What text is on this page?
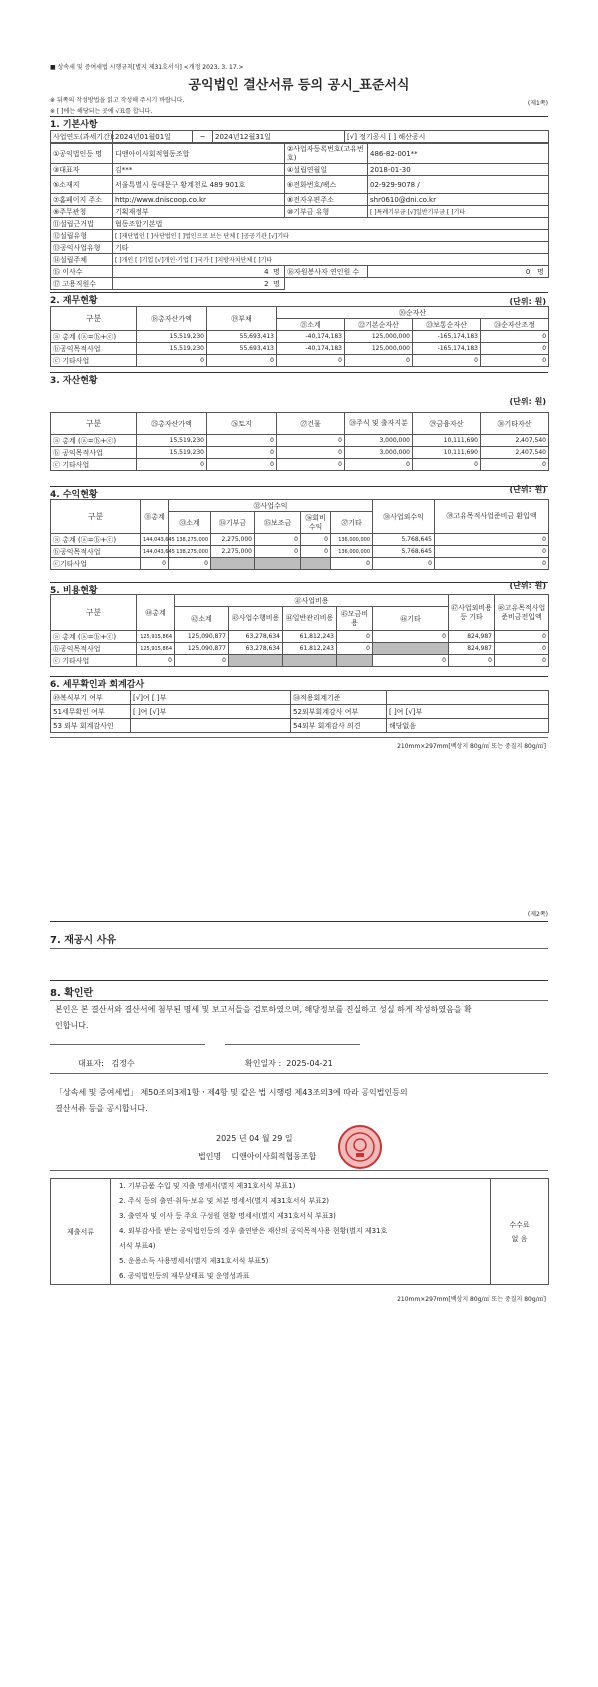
■ 상속세 및 증여세법 시행규칙[별지 제31호서식] <개정 2023. 3. 17.>
공익법인 결산서류 등의 공시_표준서식
※ 뒤쪽의 작성방법을 읽고 작성해 주시기 바랍니다.	(제1쪽)
※ [ ]에는 해당되는 곳에 √표를 합니다.
1. 기본사항
사업연도(과세기간):	2024년01월01일	~	2024년12월31일	[√] 정기공시 [ ] 해산공시
①공익법인등 명	디앤아이사회적협동조합	②사업자등록번호(고유번호)	486-82-001**
③대표자	김***	④설립연월일	2018-01-30
⑤소재지	서울특별시 동대문구 황계천로 489 901호	⑥전화번호/팩스	02-929-9078 /
⑦홈페이지 주소	http://www.dniscoop.co.kr	⑧전자우편주소	shr0610@dni.co.kr
⑨주무관청	기획재정부	⑩기부금 유형	[ ]특례기부금 [√]일반기부금 [ ]기타
⑪설립근거법	협동조합기본법		
⑫설립유형	[ ]재단법인 [ ]사단법인 [ ]법인으로 보는 단체 [ ]공공기관 [√]기타		
⑬공익사업유형	기타		
⑭설립주체	[ ]개인 [ ]기업 [√]개인·기업 [ ]국가 [ ]지방자치단체 [ ]기타		
⑮ 이사수	4 명	⑯자원봉사자 연인원 수	0 명
⑰ 고용직원수	2 명		
2. 재무현황	(단위: 원)
구분	⑱총자산가액	⑲부채	⑳순자산			
			㉑소계	㉒기본순자산	㉓보통순자산	㉔순자산조정
ⓐ 총계 (ⓐ=ⓑ+ⓒ)	15,519,230	55,693,413	-40,174,183	125,000,000	-165,174,183	0
ⓑ공익목적사업	15,519,230	55,693,413	-40,174,183	125,000,000	-165,174,183	0
ⓒ 기타사업	0	0	0	0	0	0
3. 자산현황
(단위: 원)
구분	㉕총자산가액	㉖토지	㉗건물	㉘주식 및 출자지분	㉙금융자산	㉚기타자산
ⓐ 총계 (ⓐ=ⓑ+ⓒ)	15,519,230	0	0	3,000,000	10,111,690	2,407,540
ⓑ 공익목적사업	15,519,230	0	0	3,000,000	10,111,690	2,407,540
ⓒ 기타사업	0	0	0	0	0	0
4. 수익현황
(단위: 원)
구분	㉛총계	㉜사업수익					㊳사업외수익	㊴고유목적사업준비금 환입액
		㉝소계	㉞기부금	㉟보조금	㊱회비수익	㊲기타		
ⓐ 총계 (ⓐ=ⓑ+ⓒ)	144,043,645	138,275,000	2,275,000	0	0	136,000,000	5,768,645	0
ⓑ공익목적사업	144,043,645	138,275,000	2,275,000	0	0	136,000,000	5,768,645	0
ⓒ기타사업	0	0				0	0	0
5. 비용현황
(단위: 원)
구분	㊵총계	㊶사업비용					㊼사업외비용 등 기타	㊽고유목적사업준비금전입액
		㊷소계	㊸사업수행비용	㊹일반관리비용	㊺모금비용	㊻기타		
ⓐ 총계 (ⓐ=ⓑ+ⓒ)	125,915,864	125,090,877	63,278,634	61,812,243	0	0	824,987	0
ⓑ공익목적사업	125,915,864	125,090,877	63,278,634	61,812,243	0		824,987	0
ⓒ 기타사업	0	0				0	0	0
6. 세무확인과 회계감사
㊾복식부기 여부	[√]여 [ ]부	㊿적용회계기준	
51세무확인 여부	[ ]여 [√]부	52외부회계감사 여부	[ ]여 [√]부
53 외부 회계감사인		54외부 회계감사 의견	해당없음
210mm×297mm[백상지 80g/㎡ 또는 중질지 80g/㎡]
(제2쪽)
7. 재공시 사유
8. 확인란
본인은 본 결산서와 결산서에 첨부된 명세 및 보고서들을 검토하였으며, 해당정보를 진실하고 성실 하게 작성하였음을 확
인합니다.
대표자: 김정수	확인일자 : 2025-04-21
「상속세 및 증여세법」 제50조의3제1항ㆍ제4항 및 같은 법 시행령 제43조의3에 따라 공익법인등의
결산서류 등을 공시합니다.
2025 년 04 월 29 일
법인명 디앤아이사회적협동조합
제출서류	
1. 기부금품 수입 및 지출 명세서(별지 제31호서식 부표1)
2. 주식 등의 출연·취득·보유 및 처분 명세서(별지 제31호서식 부표2)
3. 출연자 및 이사 등 주요 구성원 현황 명세서(별지 제31호서식 부표3)
4. 외부감사를 받는 공익법인등의 경우 출연받은 재산의 공익목적사용 현황(별지 제31호
서식 부표4)
5. 운용소득 사용명세서(별지 제31호서식 부표5)
6. 공익법인등의 재무상태표 및 운영성과표

수수료
없 음
210mm×297mm[백상지 80g/㎡ 또는 중질지 80g/㎡]
